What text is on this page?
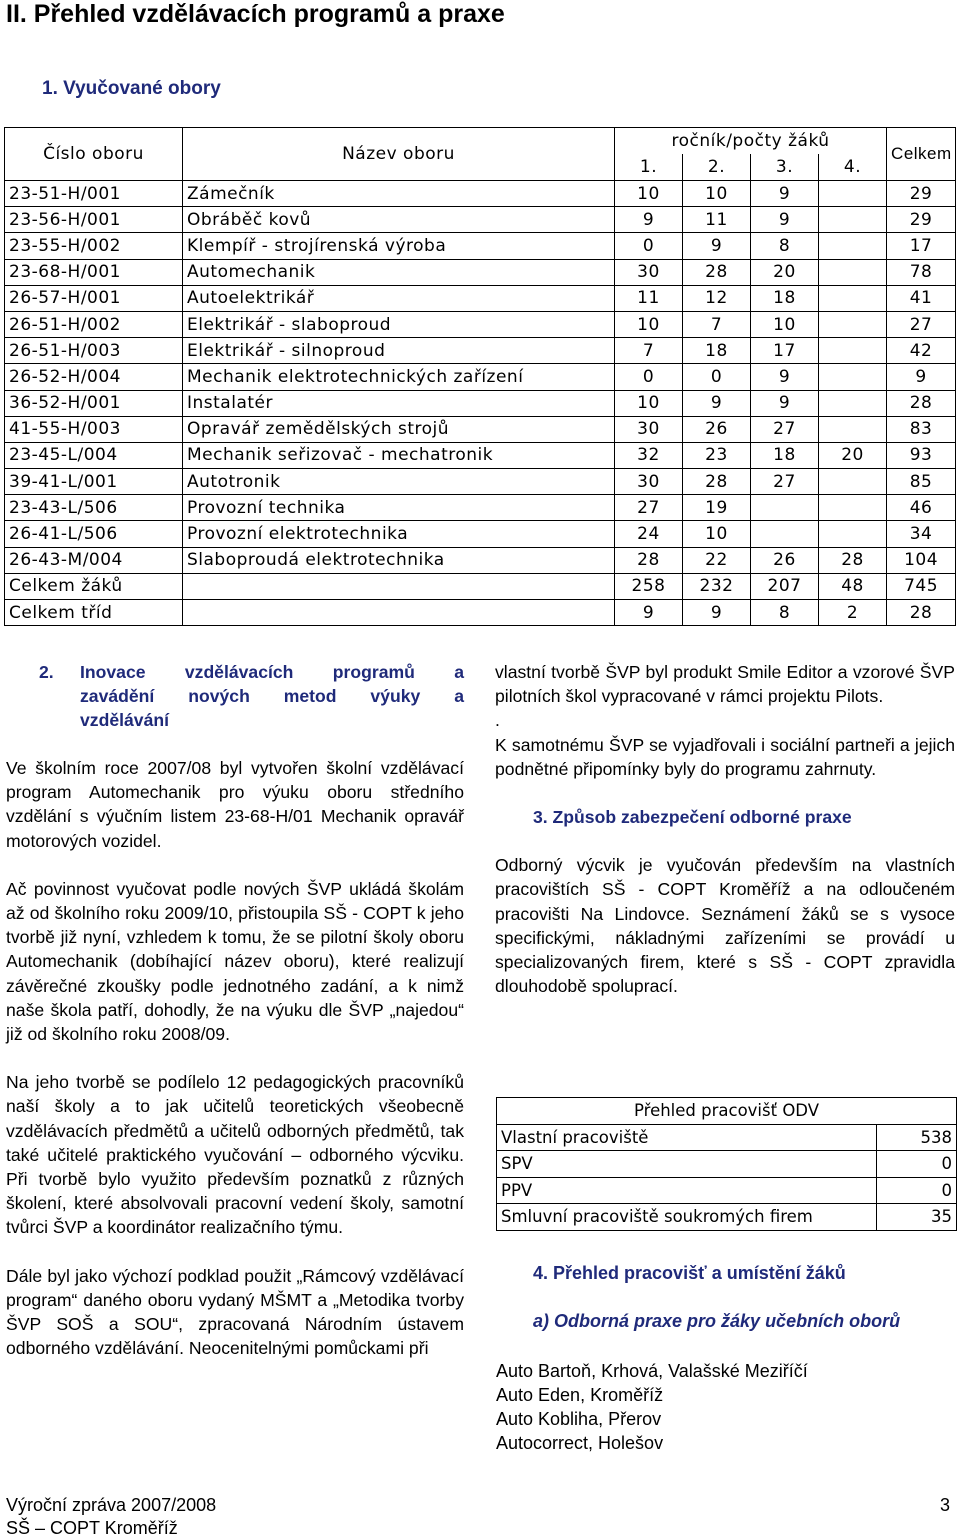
II. Přehled vzdělávacích programů a praxe
1. Vyučované obory
Číslo oboru	Název oboru	ročník/počty žáků				Celkem
		1.	2.	3.	4.	
23-51-H/001	Zámečník	10	10	9		29
23-56-H/001	Obráběč kovů	9	11	9		29
23-55-H/002	Klempíř - strojírenská výroba	0	9	8		17
23-68-H/001	Automechanik	30	28	20		78
26-57-H/001	Autoelektrikář	11	12	18		41
26-51-H/002	Elektrikář - slaboproud	10	7	10		27
26-51-H/003	Elektrikář - silnoproud	7	18	17		42
26-52-H/004	Mechanik elektrotechnických zařízení	0	0	9		9
36-52-H/001	Instalatér	10	9	9		28
41-55-H/003	Opravář zemědělských strojů	30	26	27		83
23-45-L/004	Mechanik seřizovač - mechatronik	32	23	18	20	93
39-41-L/001	Autotronik	30	28	27		85
23-43-L/506	Provozní technika	27	19			46
26-41-L/506	Provozní elektrotechnika	24	10			34
26-43-M/004	Slaboproudá elektrotechnika	28	22	26	28	104
Celkem žáků		258	232	207	48	745
Celkem tříd		9	9	8	2	28
2. Inovace vzdělávacích programů a
zavádění nových metod výuky a
vzdělávání

Ve školním roce 2007/08 byl vytvořen školní vzdělávací program Automechanik pro výuku oboru středního vzdělání s výučním listem 23-68-H/01 Mechanik opravář motorových vozidel.

Ač povinnost vyučovat podle nových ŠVP ukládá školám až od školního roku 2009/10, přistoupila SŠ - COPT k jeho tvorbě již nyní, vzhledem k tomu, že se pilotní školy oboru Automechanik (dobíhající název oboru), které realizují závěrečné zkoušky podle jednotného zadání, a k nimž naše škola patří, dohodly, že na výuku dle ŠVP „najedou“ již od školního roku 2008/09.

Na jeho tvorbě se podílelo 12 pedagogických pracovníků naší školy a to jak učitelů teoretických všeobecně vzdělávacích předmětů a učitelů odborných předmětů, tak také učitelé praktického vyučování – odborného výcviku. Při tvorbě bylo využito především poznatků z různých školení, které absolvovali pracovní vedení školy, samotní tvůrci ŠVP a koordinátor realizačního týmu.

Dále byl jako výchozí podklad použit „Rámcový vzdělávací program“ daného oboru vydaný MŠMT a „Metodika tvorby ŠVP SOŠ a SOU“, zpracovaná Národním ústavem odborného vzdělávání. Neocenitelnými pomůckami při

vlastní tvorbě ŠVP byl produkt Smile Editor a vzorové ŠVP pilotních škol vypracované v rámci projektu Pilots.

.

K samotnému ŠVP se vyjadřovali i sociální partneři a jejich podnětné připomínky byly do programu zahrnuty.

3. Způsob zabezpečení odborné praxe

Odborný výcvik je vyučován především na vlastních pracovištích SŠ - COPT Kroměříž a na odloučeném pracovišti Na Lindovce. Seznámení žáků se s vysoce specifickými, nákladnými zařízeními se provádí u specializovaných firem, které s SŠ - COPT zpravidla dlouhodobě spoluprací.

Přehled pracovišť ODV	
Vlastní pracoviště	538
SPV	0
PPV	0
Smluvní pracoviště soukromých firem	35
4. Přehled pracovišť a umístění žáků
a) Odborná praxe pro žáky učebních oborů
Auto Bartoň, Krhová, Valašské Meziříčí
Auto Eden, Kroměříž
Auto Kobliha, Přerov
Autocorrect, Holešov
Výroční zpráva 2007/2008
SŠ – COPT Kroměříž
3
